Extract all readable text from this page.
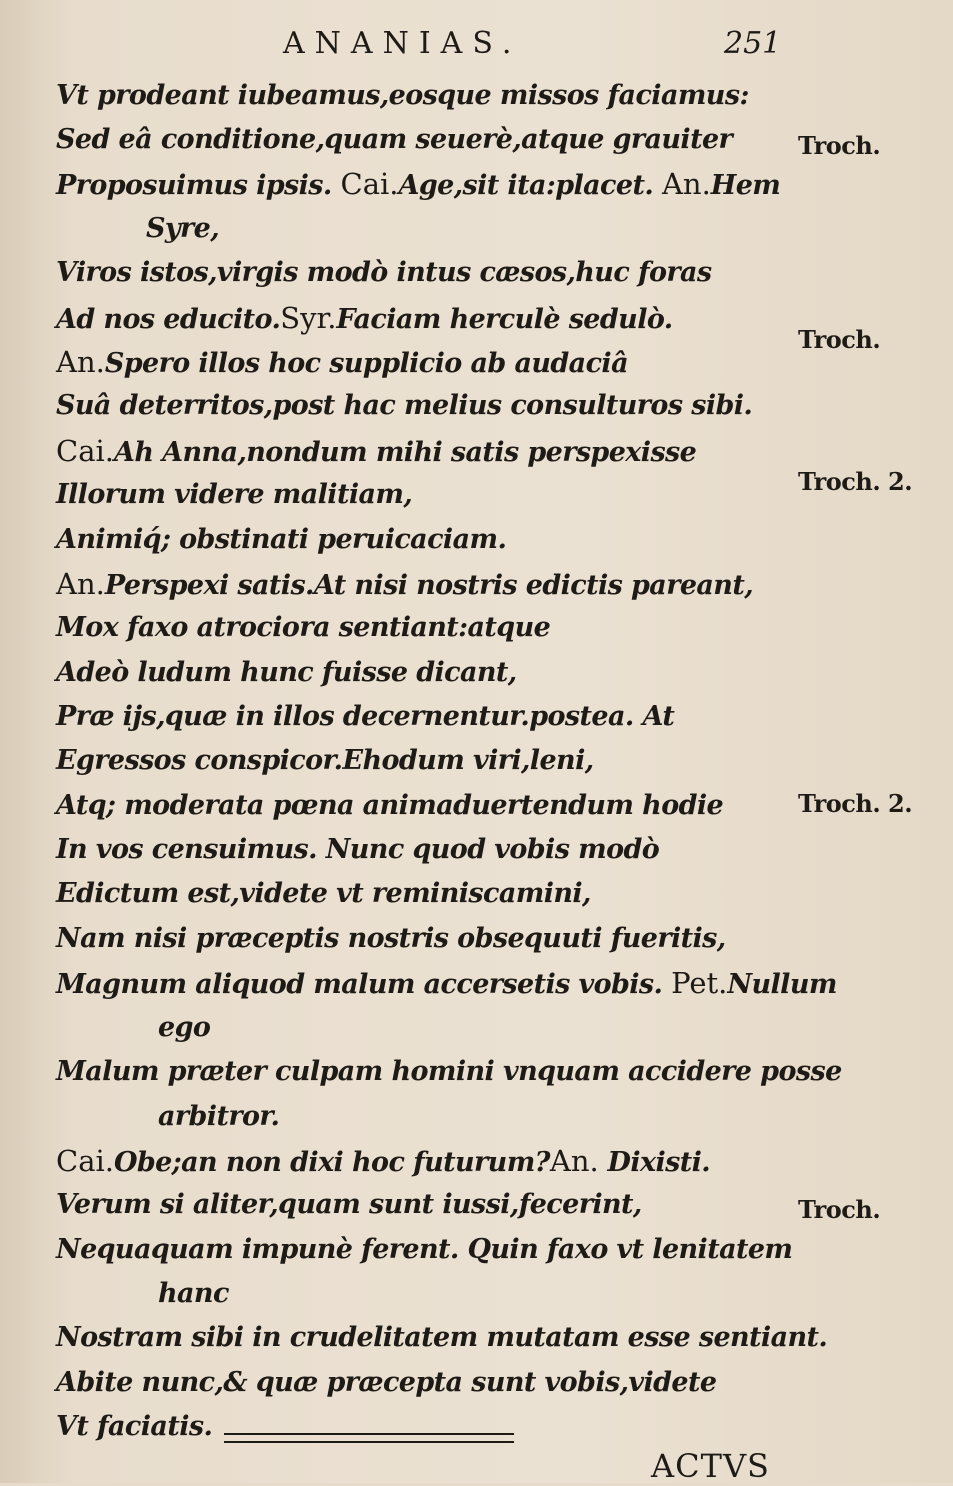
ANANIAS.	251
Vt prodeant iubeamus,eosque missos faciamus:
Sed eâ conditione,quam seuerè,atque grauiter
Proposuimus ipsis. Cai.Age,sit ita:placet. An.Hem
Syre,
Viros istos,virgis modò intus cæsos,huc foras
Ad nos educito.Syr.Faciam herculè sedulò.
An.Spero illos hoc supplicio ab audaciâ
Suâ deterritos,post hac melius consulturos sibi.
Cai.Ah Anna,nondum mihi satis perspexisse
Illorum videre malitiam,
Animiq́; obstinati peruicaciam.
An.Perspexi satis.At nisi nostris edictis pareant,
Mox faxo atrociora sentiant:atque
Adeò ludum hunc fuisse dicant,
Præ ijs,quæ in illos decernentur.postea. At
Egressos conspicor.Ehodum viri,leni,
Atq; moderata pœna animaduertendum hodie
In vos censuimus. Nunc quod vobis modò
Edictum est,videte vt reminiscamini,
Nam nisi præceptis nostris obsequuti fueritis,
Magnum aliquod malum accersetis vobis. Pet.Nullum
ego
Malum præter culpam homini vnquam accidere posse
arbitror.
Cai.Obe;an non dixi hoc futurum?An. Dixisti.
Verum si aliter,quam sunt iussi,fecerint,
Nequaquam impunè ferent. Quin faxo vt lenitatem
hanc
Nostram sibi in crudelitatem mutatam esse sentiant.
Abite nunc,& quæ præcepta sunt vobis,videte
Vt faciatis.
Troch.
Troch.
Troch. 2.
Troch. 2.
Troch.
ACTVS
